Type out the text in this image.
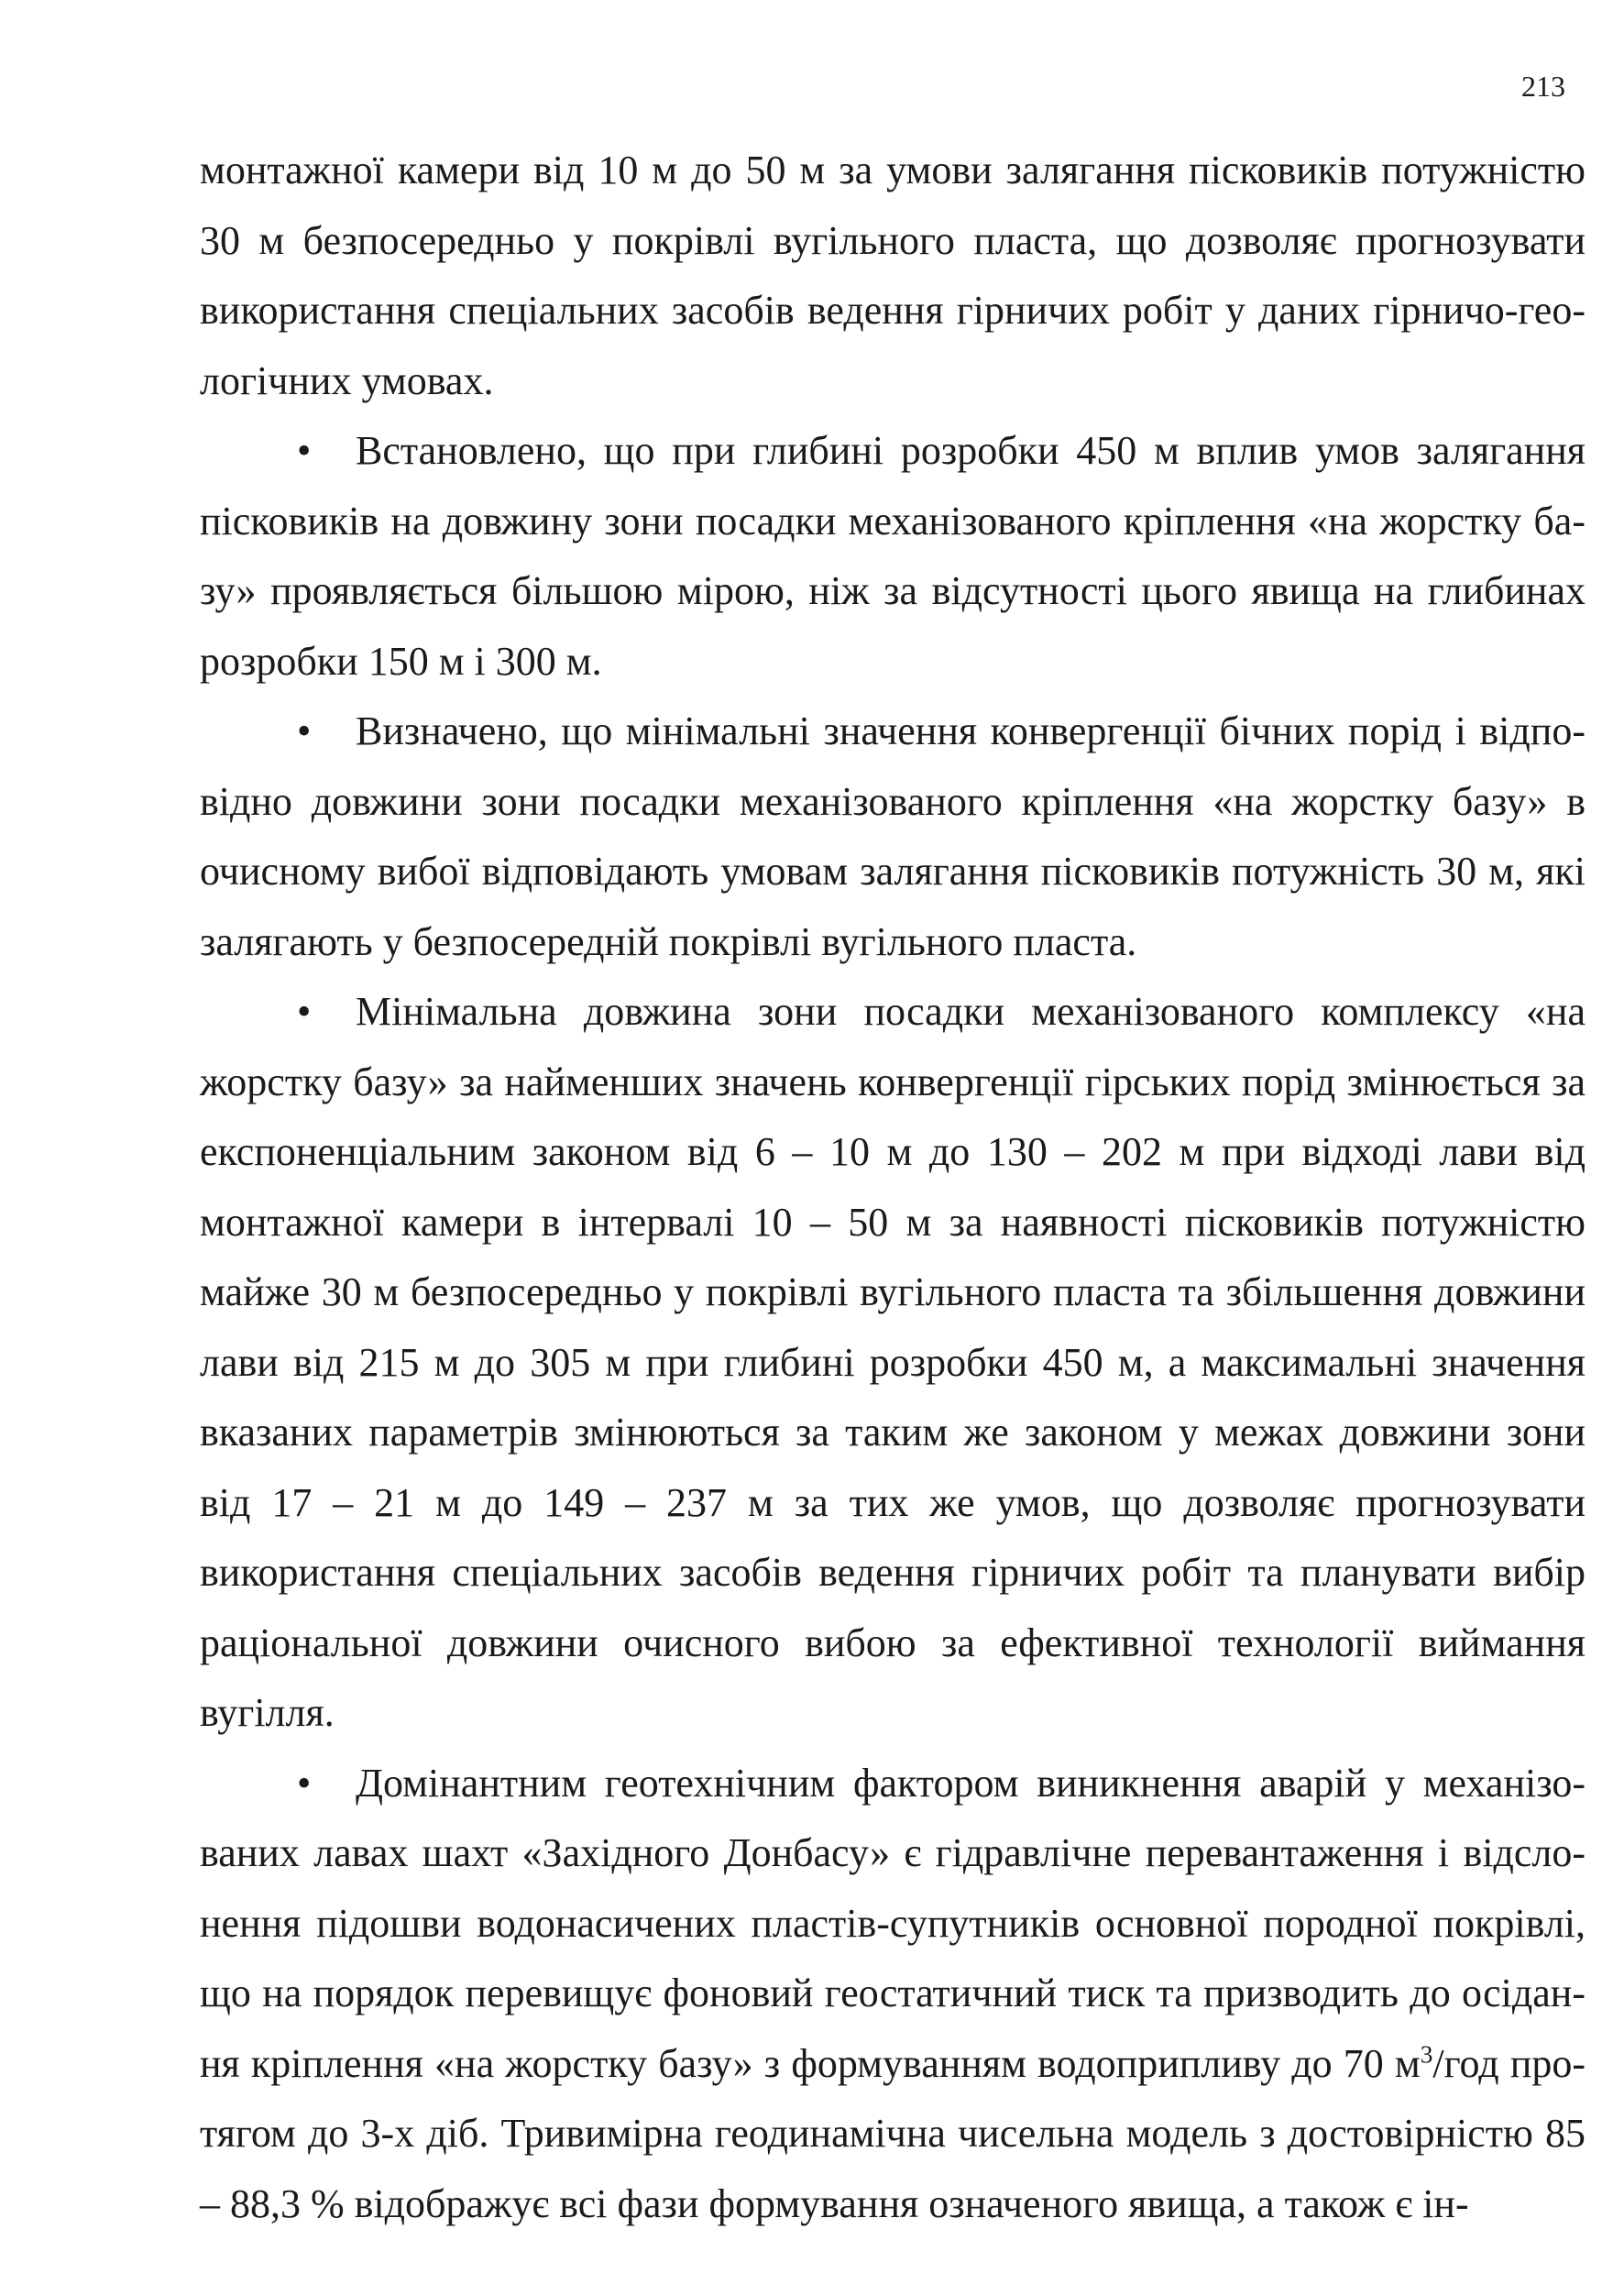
213

монтажної камери від 10 м до 50 м за умови залягання пісковиків потужністю 30 м безпосередньо у покрівлі вугільного пласта, що дозволяє прогнозувати використання спеціальних засобів ведення гірничих робіт у даних гірничо-геологічних умовах.

• Встановлено, що при глибині розробки 450 м вплив умов залягання пісковиків на довжину зони посадки механізованого кріплення «на жорстку базу» проявляється більшою мірою, ніж за відсутності цього явища на глибинах розробки 150 м і 300 м.

• Визначено, що мінімальні значення конвергенції бічних порід і відповідно довжини зони посадки механізованого кріплення «на жорстку базу» в очисному вибої відповідають умовам залягання пісковиків потужність 30 м, які залягають у безпосередній покрівлі вугільного пласта.

• Мінімальна довжина зони посадки механізованого комплексу «на жорстку базу» за найменших значень конвергенції гірських порід змінюється за експоненціальним законом від 6 – 10 м до 130 – 202 м при відході лави від монтажної камери в інтервалі 10 – 50 м за наявності пісковиків потужністю майже 30 м безпосередньо у покрівлі вугільного пласта та збільшення довжини лави від 215 м до 305 м при глибині розробки 450 м, а максимальні значення вказаних параметрів змінюються за таким же законом у межах довжини зони від 17 – 21 м до 149 – 237 м за тих же умов, що дозволяє прогнозувати використання спеціальних засобів ведення гірничих робіт та планувати вибір раціональної довжини очисного вибою за ефективної технології виймання вугілля.

• Домінантним геотехнічним фактором виникнення аварій у механізованих лавах шахт «Західного Донбасу» є гідравлічне перевантаження і відслонення підошви водонасичених пластів-супутників основної породної покрівлі, що на порядок перевищує фоновий геостатичний тиск та призводить до осідання кріплення «на жорстку базу» з формуванням водоприпливу до 70 $м^3$/год протягом до 3-х діб. Тривимірна геодинамічна чисельна модель з достовірністю 85 – 88,3 % відображує всі фази формування означеного явища, а також є ін-
